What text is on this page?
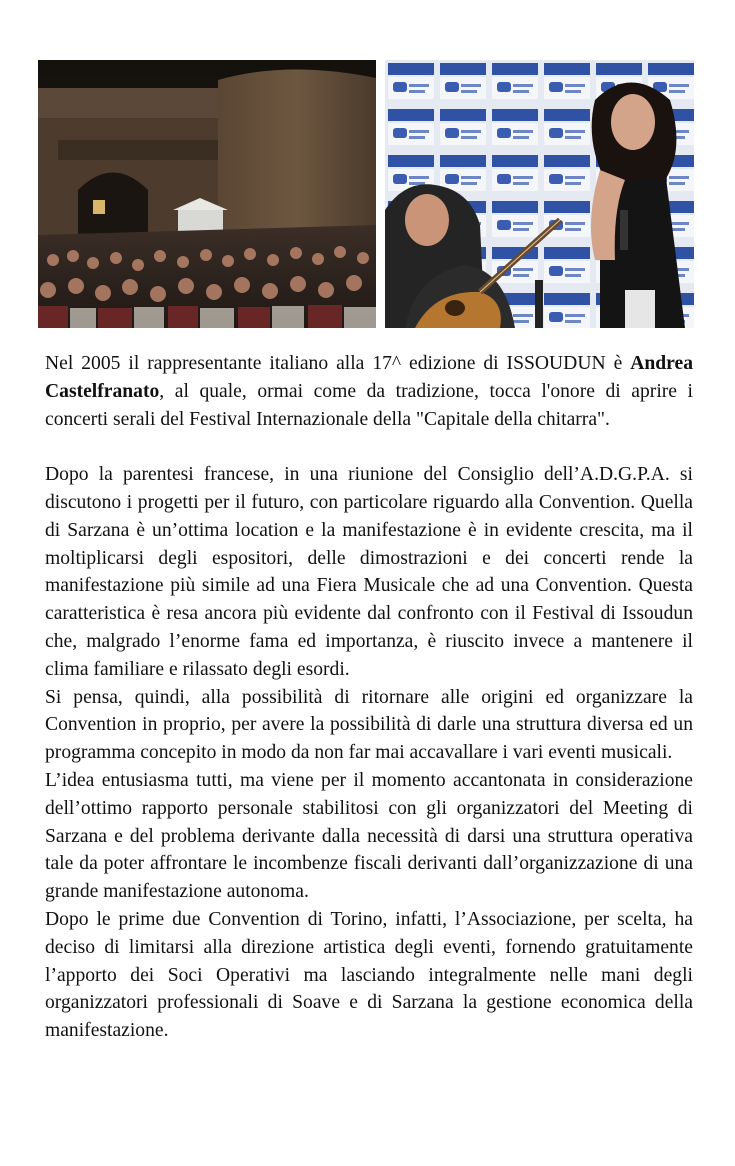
Nel 2005 il rappresentante italiano alla 17^ edizione di ISSOUDUN è Andrea Castelfranato, al quale, ormai come da tradizione, tocca l'onore di aprire i concerti serali del Festival Internazionale della "Capitale della chitarra".

Dopo la parentesi francese, in una riunione del Consiglio dell’A.D.G.P.A. si discutono i progetti per il futuro, con particolare riguardo alla Convention. Quella di Sarzana è un’ottima location e la manifestazione è in evidente crescita, ma il moltiplicarsi degli espositori, delle dimostrazioni e dei concerti rende la manifestazione più simile ad una Fiera Musicale che ad una Convention. Questa caratteristica è resa ancora più evidente dal confronto con il Festival di Issoudun che, malgrado l’enorme fama ed importanza, è riuscito invece a mantenere il clima familiare e rilassato degli esordi.

Si pensa, quindi, alla possibilità di ritornare alle origini ed organizzare la Convention in proprio, per avere la possibilità di darle una struttura diversa ed un programma concepito in modo da non far mai accavallare i vari eventi musicali.

L’idea entusiasma tutti, ma viene per il momento accantonata in considerazione dell’ottimo rapporto personale stabilitosi con gli organizzatori del Meeting di Sarzana e del problema derivante dalla necessità di darsi una struttura operativa tale da poter affrontare le incombenze fiscali derivanti dall’organizzazione di una grande manifestazione autonoma.

Dopo le prime due Convention di Torino, infatti, l’Associazione, per scelta, ha deciso di limitarsi alla direzione artistica degli eventi, fornendo gratuitamente l’apporto dei Soci Operativi ma lasciando integralmente nelle mani degli organizzatori professionali di Soave e di Sarzana la gestione economica della manifestazione.
